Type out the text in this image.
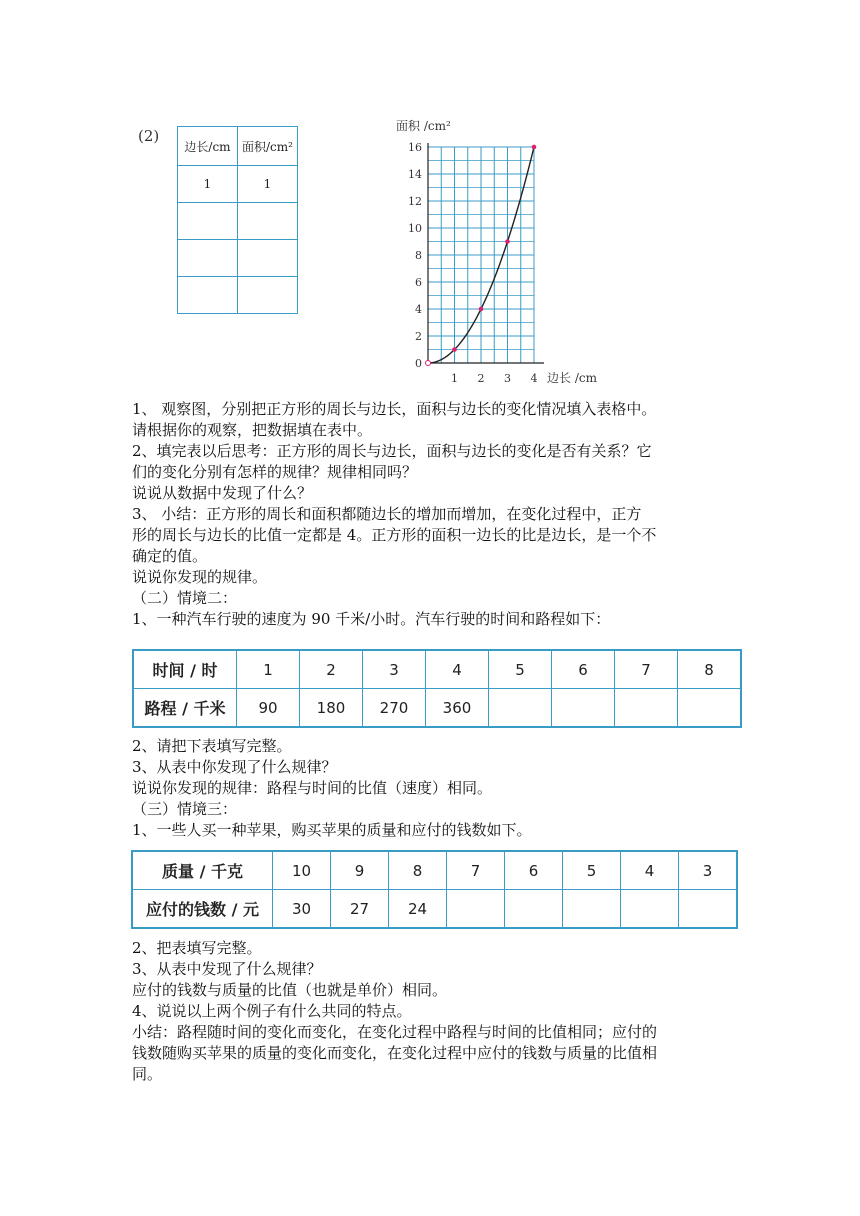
(2)
边长/cm	面积/cm²
1	1

0
2
4
6
8
10
12
14
16
1 2 3 4
面积 /cm²
边长 /cm
1、 观察图，分别把正方形的周长与边长，面积与边长的变化情况填入表格中。
请根据你的观察，把数据填在表中。
2、填完表以后思考：正方形的周长与边长，面积与边长的变化是否有关系？它
们的变化分别有怎样的规律？规律相同吗？
说说从数据中发现了什么？
3、 小结：正方形的周长和面积都随边长的增加而增加，在变化过程中，正方
形的周长与边长的比值一定都是 4。正方形的面积一边长的比是边长，是一个不
确定的值。
说说你发现的规律。
（二）情境二：
1、一种汽车行驶的速度为 90 千米/小时。汽车行驶的时间和路程如下：
时间 / 时	1	2	3	4	5	6	7	8
路程 / 千米	90	180	270	360				
2、请把下表填写完整。
3、从表中你发现了什么规律？
说说你发现的规律：路程与时间的比值（速度）相同。
（三）情境三：
1、一些人买一种苹果，购买苹果的质量和应付的钱数如下。
质量 / 千克	10	9	8	7	6	5	4	3
应付的钱数 / 元	30	27	24					
2、把表填写完整。
3、从表中发现了什么规律？
应付的钱数与质量的比值（也就是单价）相同。
4、说说以上两个例子有什么共同的特点。
小结：路程随时间的变化而变化，在变化过程中路程与时间的比值相同；应付的
钱数随购买苹果的质量的变化而变化，在变化过程中应付的钱数与质量的比值相
同。
